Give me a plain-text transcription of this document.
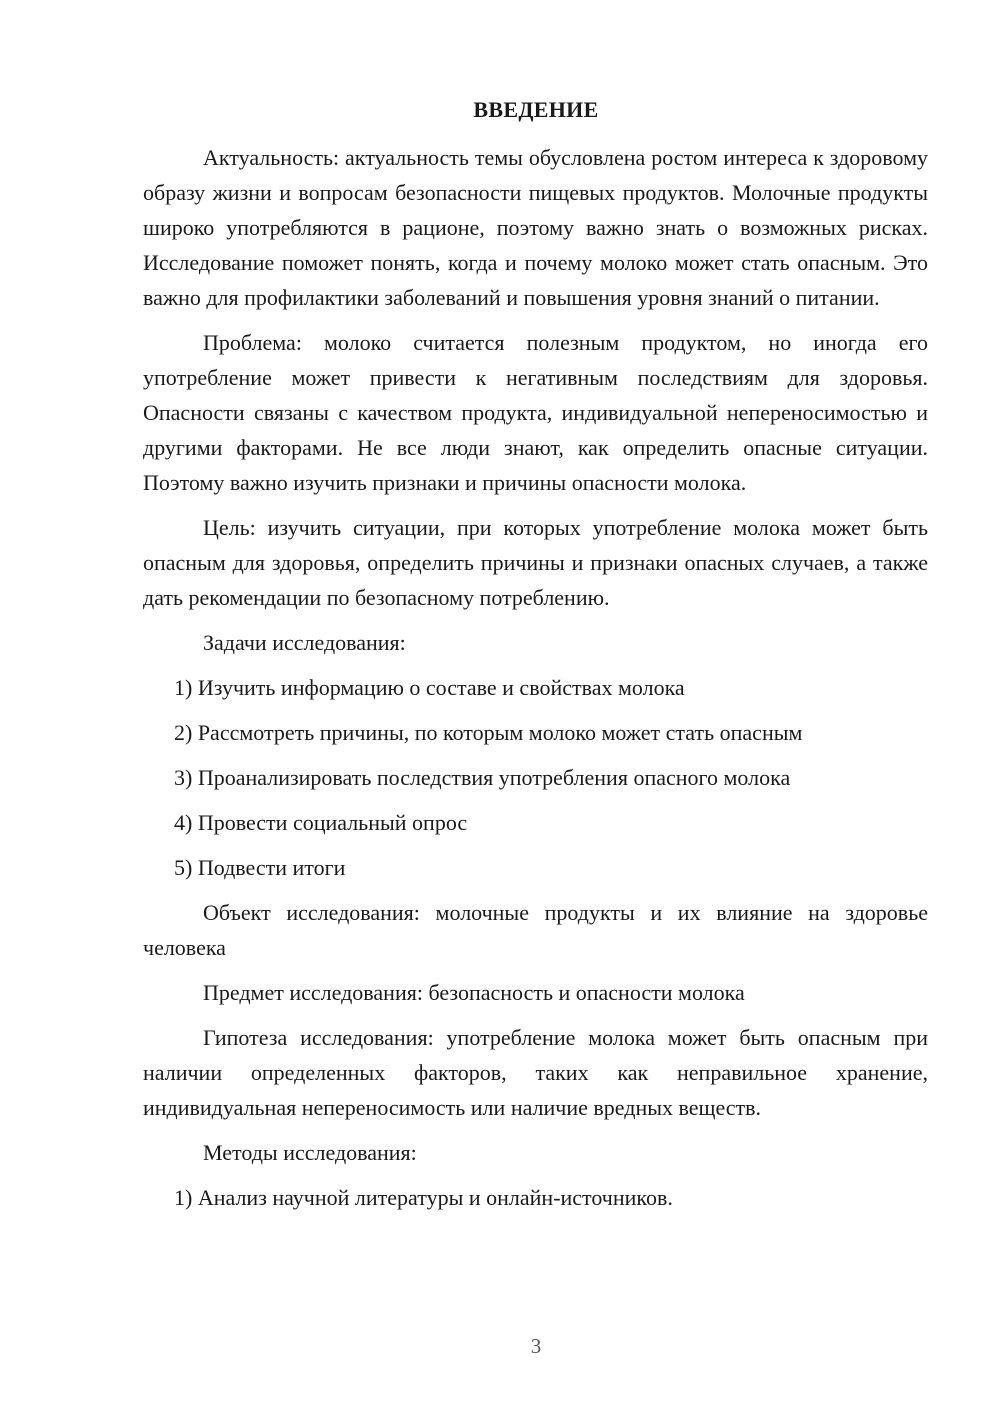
ВВЕДЕНИЕ

Актуальность: актуальность темы обусловлена ростом интереса к здоровому образу жизни и вопросам безопасности пищевых продуктов. Молочные продукты широко употребляются в рационе, поэтому важно знать о возможных рисках. Исследование поможет понять, когда и почему молоко может стать опасным. Это важно для профилактики заболеваний и повышения уровня знаний о питании.

Проблема: молоко считается полезным продуктом, но иногда его употребление может привести к негативным последствиям для здоровья. Опасности связаны с качеством продукта, индивидуальной непереносимостью и другими факторами. Не все люди знают, как определить опасные ситуации. Поэтому важно изучить признаки и причины опасности молока.

Цель: изучить ситуации, при которых употребление молока может быть опасным для здоровья, определить причины и признаки опасных случаев, а также дать рекомендации по безопасному потреблению.

Задачи исследования:

1) Изучить информацию о составе и свойствах молока

2) Рассмотреть причины, по которым молоко может стать опасным

3) Проанализировать последствия употребления опасного молока

4) Провести социальный опрос

5) Подвести итоги

Объект исследования: молочные продукты и их влияние на здоровье человека

Предмет исследования: безопасность и опасности молока

Гипотеза исследования: употребление молока может быть опасным при наличии определенных факторов, таких как неправильное хранение, индивидуальная непереносимость или наличие вредных веществ.

Методы исследования:

1) Анализ научной литературы и онлайн-источников.

3
